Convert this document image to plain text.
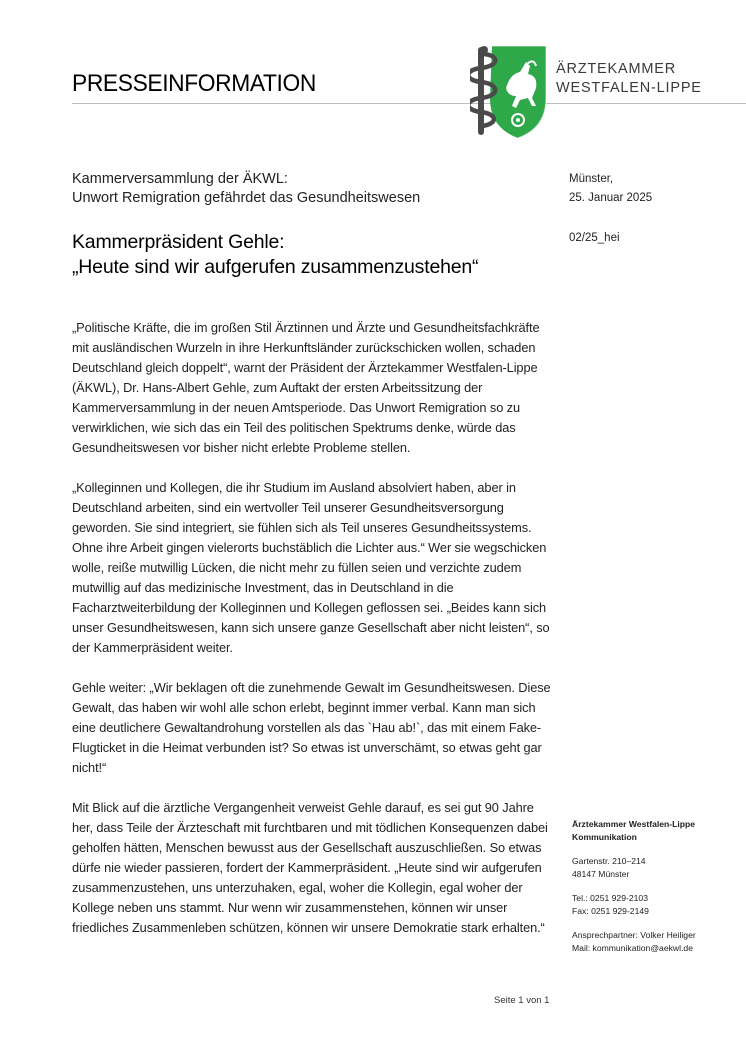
PRESSEINFORMATION
ÄRZTEKAMMER
WESTFALEN-LIPPE
Kammerversammlung der ÄKWL:
Unwort Remigration gefährdet das Gesundheitswesen
Kammerpräsident Gehle:
„Heute sind wir aufgerufen zusammenzustehen“
Münster,
25. Januar 2025
02/25_hei

„Politische Kräfte, die im großen Stil Ärztinnen und Ärzte und Gesundheitsfachkräfte mit ausländischen Wurzeln in ihre Herkunftsländer zurückschicken wollen, schaden Deutschland gleich doppelt“, warnt der Präsident der Ärztekammer Westfalen-Lippe (ÄKWL), Dr. Hans-Albert Gehle, zum Auftakt der ersten Arbeitssitzung der Kammerversammlung in der neuen Amtsperiode. Das Unwort Remigration so zu verwirklichen, wie sich das ein Teil des politischen Spektrums denke, würde das Gesundheitswesen vor bisher nicht erlebte Probleme stellen.

„Kolleginnen und Kollegen, die ihr Studium im Ausland absolviert haben, aber in Deutschland arbeiten, sind ein wertvoller Teil unserer Gesundheitsversorgung geworden. Sie sind integriert, sie fühlen sich als Teil unseres Gesundheitssystems. Ohne ihre Arbeit gingen vielerorts buchstäblich die Lichter aus.“ Wer sie wegschicken wolle, reiße mutwillig Lücken, die nicht mehr zu füllen seien und verzichte zudem mutwillig auf das medizinische Investment, das in Deutschland in die Facharztweiterbildung der Kolleginnen und Kollegen geflossen sei. „Beides kann sich unser Gesundheitswesen, kann sich unsere ganze Gesellschaft aber nicht leisten“, so der Kammerpräsident weiter.

Gehle weiter: „Wir beklagen oft die zunehmende Gewalt im Gesundheitswesen. Diese Gewalt, das haben wir wohl alle schon erlebt, beginnt immer verbal. Kann man sich eine deutlichere Gewaltandrohung vorstellen als das `Hau ab!`, das mit einem Fake-Flugticket in die Heimat verbunden ist? So etwas ist unverschämt, so etwas geht gar nicht!“

Mit Blick auf die ärztliche Vergangenheit verweist Gehle darauf, es sei gut 90 Jahre her, dass Teile der Ärzteschaft mit furchtbaren und mit tödlichen Konsequenzen dabei geholfen hätten, Menschen bewusst aus der Gesellschaft auszuschließen. So etwas dürfe nie wieder passieren, fordert der Kammerpräsident. „Heute sind wir aufgerufen zusammenzustehen, uns unterzuhaken, egal, woher die Kollegin, egal woher der Kollege neben uns stammt. Nur wenn wir zusammenstehen, können wir unser friedliches Zusammenleben schützen, können wir unsere Demokratie stark erhalten.“

Ärztekammer Westfalen-Lippe
Kommunikation
Gartenstr. 210–214
48147 Münster
Tel.: 0251 929-2103
Fax: 0251 929-2149
Ansprechpartner: Volker Heiliger
Mail: kommunikation@aekwl.de
Seite 1 von 1
